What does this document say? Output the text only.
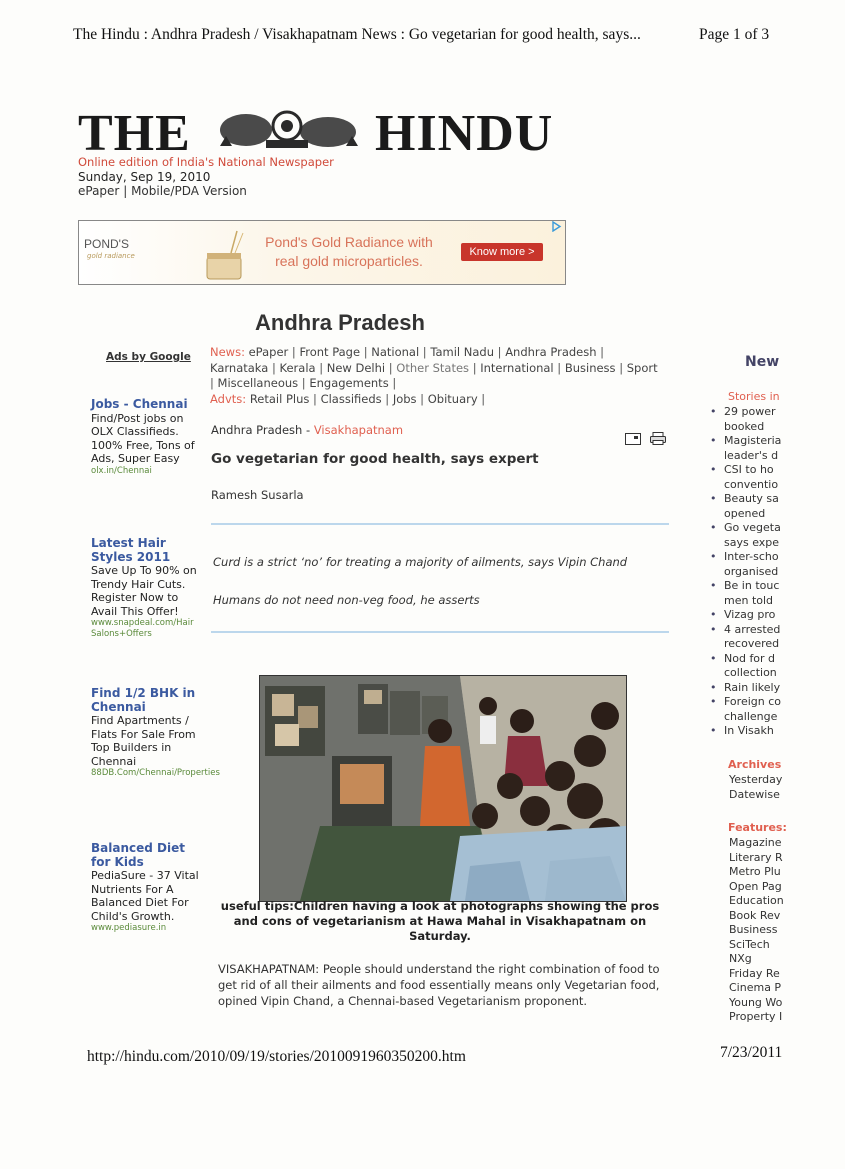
The Hindu : Andhra Pradesh / Visakhapatnam News : Go vegetarian for good health, says...	Page 1 of 3
THE	HINDU
Online edition of India's National Newspaper
Sunday, Sep 19, 2010
ePaper | Mobile/PDA Version
POND'S
gold radiance
Pond's Gold Radiance with
real gold microparticles.
Know more >
Andhra Pradesh
Ads by Google News: ePaper | Front Page | National | Tamil Nadu | Andhra Pradesh | Karnataka | Kerala | New Delhi | Other States | International | Business | Sport | Miscellaneous | Engagements |
Advts: Retail Plus | Classifieds | Jobs | Obituary |
Jobs - Chennai
Find/Post jobs on OLX Classifieds. 100% Free, Tons of Ads, Super Easy
olx.in/Chennai
Latest Hair Styles 2011
Save Up To 90% on Trendy Hair Cuts. Register Now to Avail This Offer!
www.snapdeal.com/Hair Salons+Offers
Find 1/2 BHK in Chennai
Find Apartments / Flats For Sale From Top Builders in Chennai
88DB.Com/Chennai/Properties
Balanced Diet for Kids
PediaSure - 37 Vital Nutrients For A Balanced Diet For Child's Growth.
www.pediasure.in
Andhra Pradesh - Visakhapatnam

Go vegetarian for good health, says expert
Ramesh Susarla
Curd is a strict ‘no’ for treating a majority of ailments, says Vipin Chand
Humans do not need non-veg food, he asserts
useful tips:Children having a look at photographs showing the pros and cons of vegetarianism at Hawa Mahal in Visakhapatnam on Saturday.
VISAKHAPATNAM: People should understand the right combination of food to get rid of all their ailments and food essentially means only Vegetarian food, opined Vipin Chand, a Chennai-based Vegetarianism proponent.
New
Stories in
• 29 power
booked
• Magisteria
leader's d
• CSI to ho
conventio
• Beauty sa
opened
• Go vegeta
says expe
• Inter-scho
organised
• Be in touc
men told
• Vizag pro
• 4 arrested
recovered
• Nod for d
collection
• Rain likely
• Foreign co
challenge
• In Visakh
Archives
Yesterday
Datewise
Features:
Magazine
Literary R
Metro Plu
Open Pag
Education
Book Rev
Business
SciTech
NXg
Friday Re
Cinema P
Young Wo
Property I
http://hindu.com/2010/09/19/stories/2010091960350200.htm	7/23/2011
